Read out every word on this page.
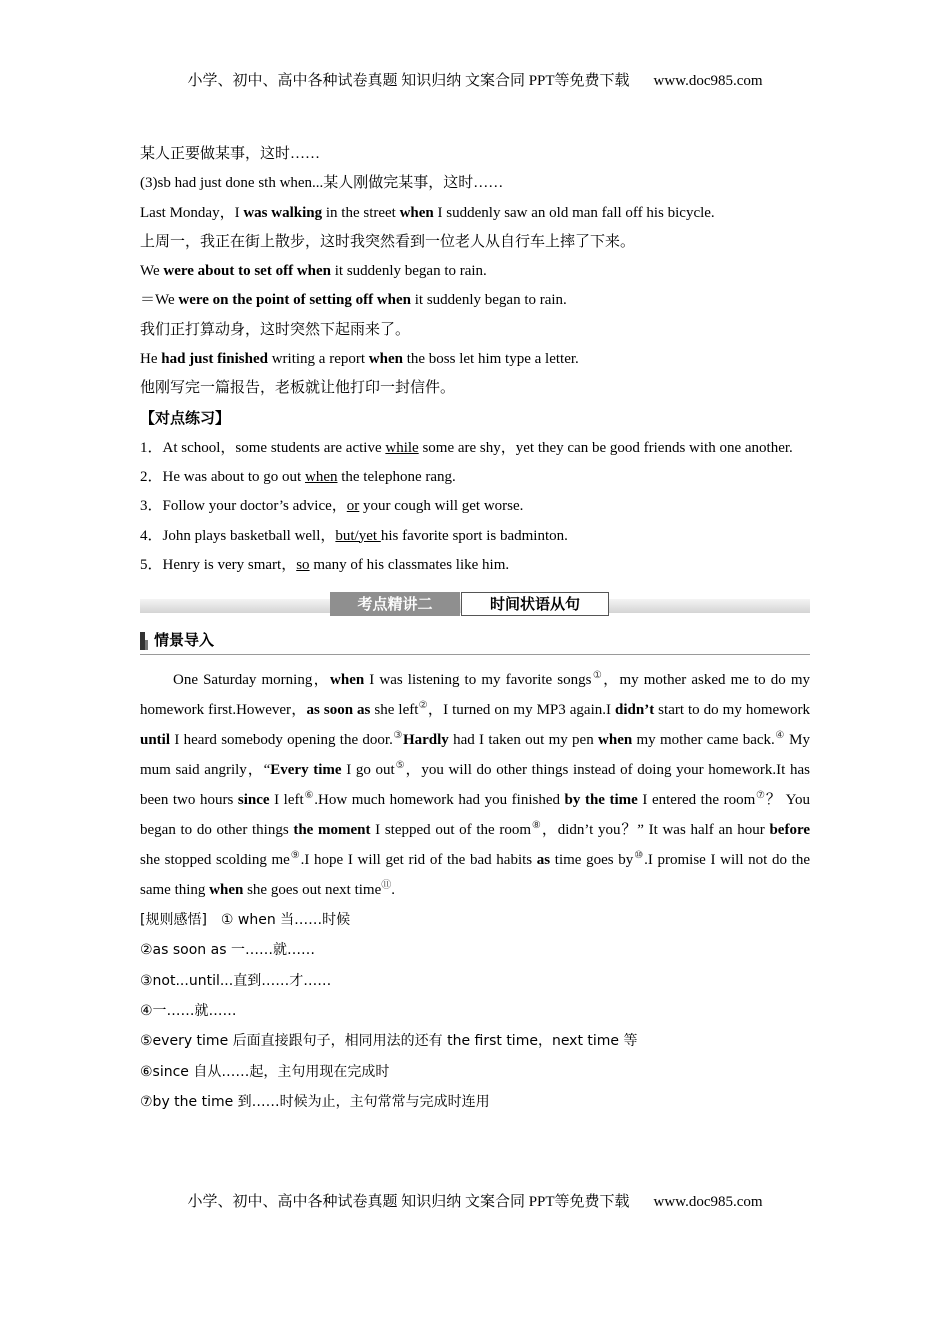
小学、初中、高中各种试卷真题 知识归纳 文案合同 PPT等免费下载 www.doc985.com

某人正要做某事，这时……

(3)sb had just done sth when...某人刚做完某事，这时……

Last Monday，I was walking in the street when I suddenly saw an old man fall off his bicycle.

上周一，我正在街上散步，这时我突然看到一位老人从自行车上摔了下来。

We were about to set off when it suddenly began to rain.

＝We were on the point of setting off when it suddenly began to rain.

我们正打算动身，这时突然下起雨来了。

He had just finished writing a report when the boss let him type a letter.

他刚写完一篇报告，老板就让他打印一封信件。

【对点练习】

1．At school，some students are active while some are shy，yet they can be good friends with one another.

2．He was about to go out when the telephone rang.

3．Follow your doctor’s advice，or your cough will get worse.

4．John plays basketball well，but/yet his favorite sport is badminton.

5．Henry is very smart，so many of his classmates like him.

考点精讲二	时间状语从句
情景导入

One Saturday morning，when I was listening to my favorite songs①，my mother asked me to do my homework first.However，as soon as she left②，I turned on my MP3 again.I didn’t start to do my homework until I heard somebody opening the door.③Hardly had I taken out my pen when my mother came back.④ My mum said angrily，“Every time I go out⑤，you will do other things instead of doing your homework.It has been two hours since I left⑥.How much homework had you finished by the time I entered the room⑦？ You began to do other things the moment I stepped out of the room⑧，didn’t you？” It was half an hour before she stopped scolding me⑨.I hope I will get rid of the bad habits as time goes by⑩.I promise I will not do the same thing when she goes out next time⑪.

[规则感悟]　① when 当……时候

②as soon as 一……就……

③not...until...直到……才……

④一……就……

⑤every time 后面直接跟句子，相同用法的还有 the first time，next time 等

⑥since 自从……起，主句用现在完成时

⑦by the time 到……时候为止，主句常常与完成时连用

小学、初中、高中各种试卷真题 知识归纳 文案合同 PPT等免费下载 www.doc985.com
